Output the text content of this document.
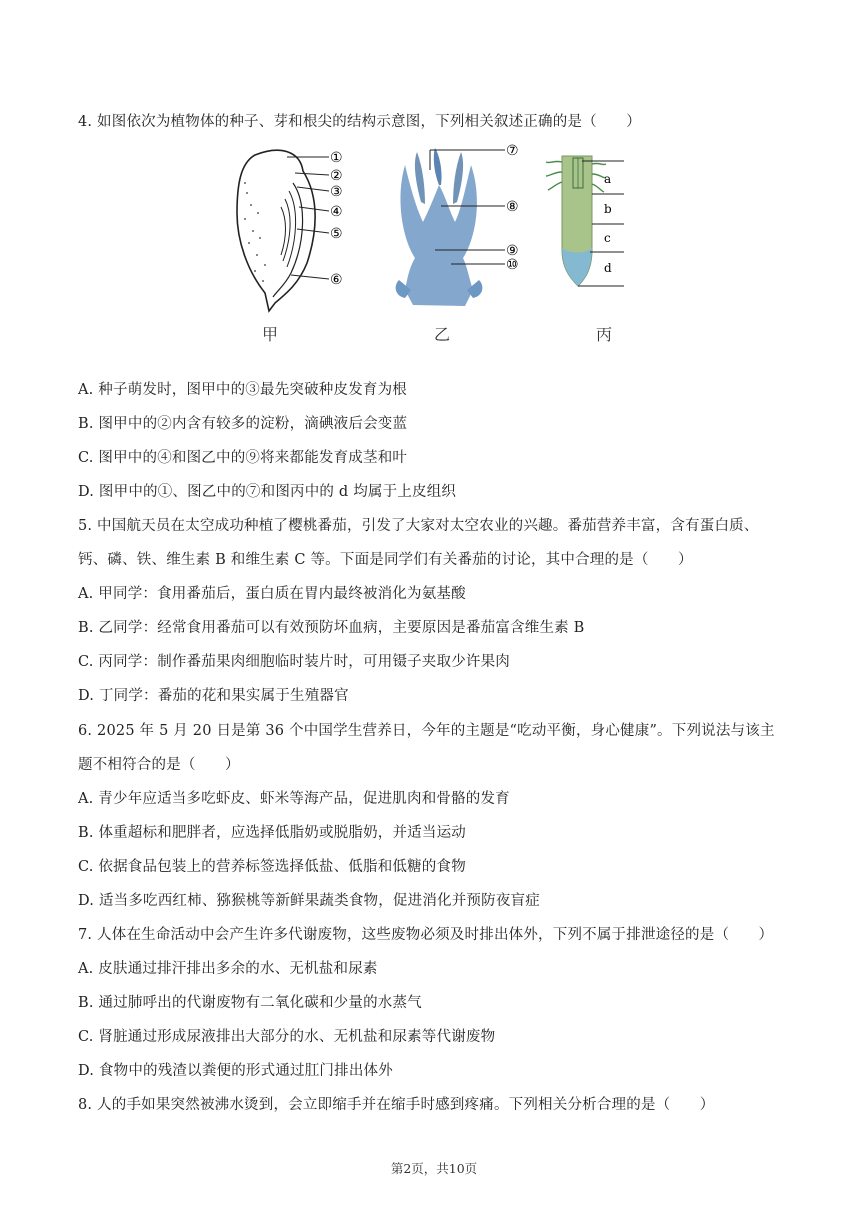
4. 如图依次为植物体的种子、芽和根尖的结构示意图，下列相关叙述正确的是（　　）
①
②
③
④
⑤
⑥
⑦
⑧
⑨
⑩
a
b
c
d
甲	乙	丙
A. 种子萌发时，图甲中的③最先突破种皮发育为根
B. 图甲中的②内含有较多的淀粉，滴碘液后会变蓝
C. 图甲中的④和图乙中的⑨将来都能发育成茎和叶
D. 图甲中的①、图乙中的⑦和图丙中的 d 均属于上皮组织
5. 中国航天员在太空成功种植了樱桃番茄，引发了大家对太空农业的兴趣。番茄营养丰富，含有蛋白质、
钙、磷、铁、维生素 B 和维生素 C 等。下面是同学们有关番茄的讨论，其中合理的是（　　）
A. 甲同学：食用番茄后，蛋白质在胃内最终被消化为氨基酸
B. 乙同学：经常食用番茄可以有效预防坏血病，主要原因是番茄富含维生素 B
C. 丙同学：制作番茄果肉细胞临时装片时，可用镊子夹取少许果肉
D. 丁同学：番茄的花和果实属于生殖器官
6. 2025 年 5 月 20 日是第 36 个中国学生营养日，今年的主题是“吃动平衡，身心健康”。下列说法与该主
题不相符合的是（　　）
A. 青少年应适当多吃虾皮、虾米等海产品，促进肌肉和骨骼的发育
B. 体重超标和肥胖者，应选择低脂奶或脱脂奶，并适当运动
C. 依据食品包装上的营养标签选择低盐、低脂和低糖的食物
D. 适当多吃西红柿、猕猴桃等新鲜果蔬类食物，促进消化并预防夜盲症
7. 人体在生命活动中会产生许多代谢废物，这些废物必须及时排出体外，下列不属于排泄途径的是（　　）
A. 皮肤通过排汗排出多余的水、无机盐和尿素
B. 通过肺呼出的代谢废物有二氧化碳和少量的水蒸气
C. 肾脏通过形成尿液排出大部分的水、无机盐和尿素等代谢废物
D. 食物中的残渣以粪便的形式通过肛门排出体外
8. 人的手如果突然被沸水烫到，会立即缩手并在缩手时感到疼痛。下列相关分析合理的是（　　）
第2页，共10页
